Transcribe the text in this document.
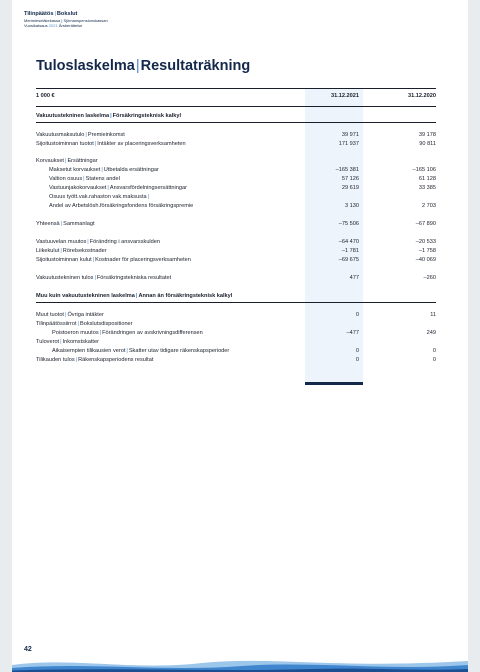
Tilinpäätös|Bokslut
Merimieseläkekassa | Sjömanspensionskassan
Vuosikatsaus 2021 Årsberättelse
Tuloslaskelma|Resultaträkning
1 000 €	31.12.2021	31.12.2020
Vakuutustekninen laskelma|Försäkringsteknisk kalkyl
Vakuutusmaksutulo|Premieinkomst	39 971	39 178
Sijoitustoiminnan tuotot|Intäkter av placeringsverksamheten	171 937	90 811
Korvaukset|Ersättningar
Maksetut korvaukset|Utbetalda ersättningar	–165 381	–165 106
Valtion osuus|Statens andel	57 126	61 128
Vastuunjakokorvaukset|Ansvarsfördelningsersättningar	29 619	33 385
Osuus tyött.vak.rahaston vak.maksusta|
Andel av Arbetslösh.försäkringsfondens försäkringspremie	3 130	2 703
Yhteensä|Sammanlagt	–75 506	–67 890
Vastuuvelan muutos|Förändring i ansvarsskulden	–64 470	–20 533
Liikekulut|Rörelsekostnader	–1 781	–1 758
Sijoitustoiminnan kulut|Kostnader för placeringsverksamheten	–69 675	–40 069
Vakuutustekninen tulos|Försäkringstekniska resultatet	477	–260
Muu kuin vakuutustekninen laskelma|Annan än försäkringsteknisk kalkyl
Muut tuotot|Övriga intäkter	0	11
Tilinpäätössiirrot|Bokslutsdispositioner
Poistoeron muutos|Förändringen av avskrivningsdifferensen	–477	249
Tuloverot|Inkomstskatter
Aikaisempien tilikausien verot|Skatter utav tidigare räkenskapsperioder	0	0
Tilikauden tulos|Räkenskapsperiodens resultat	0	0
42
